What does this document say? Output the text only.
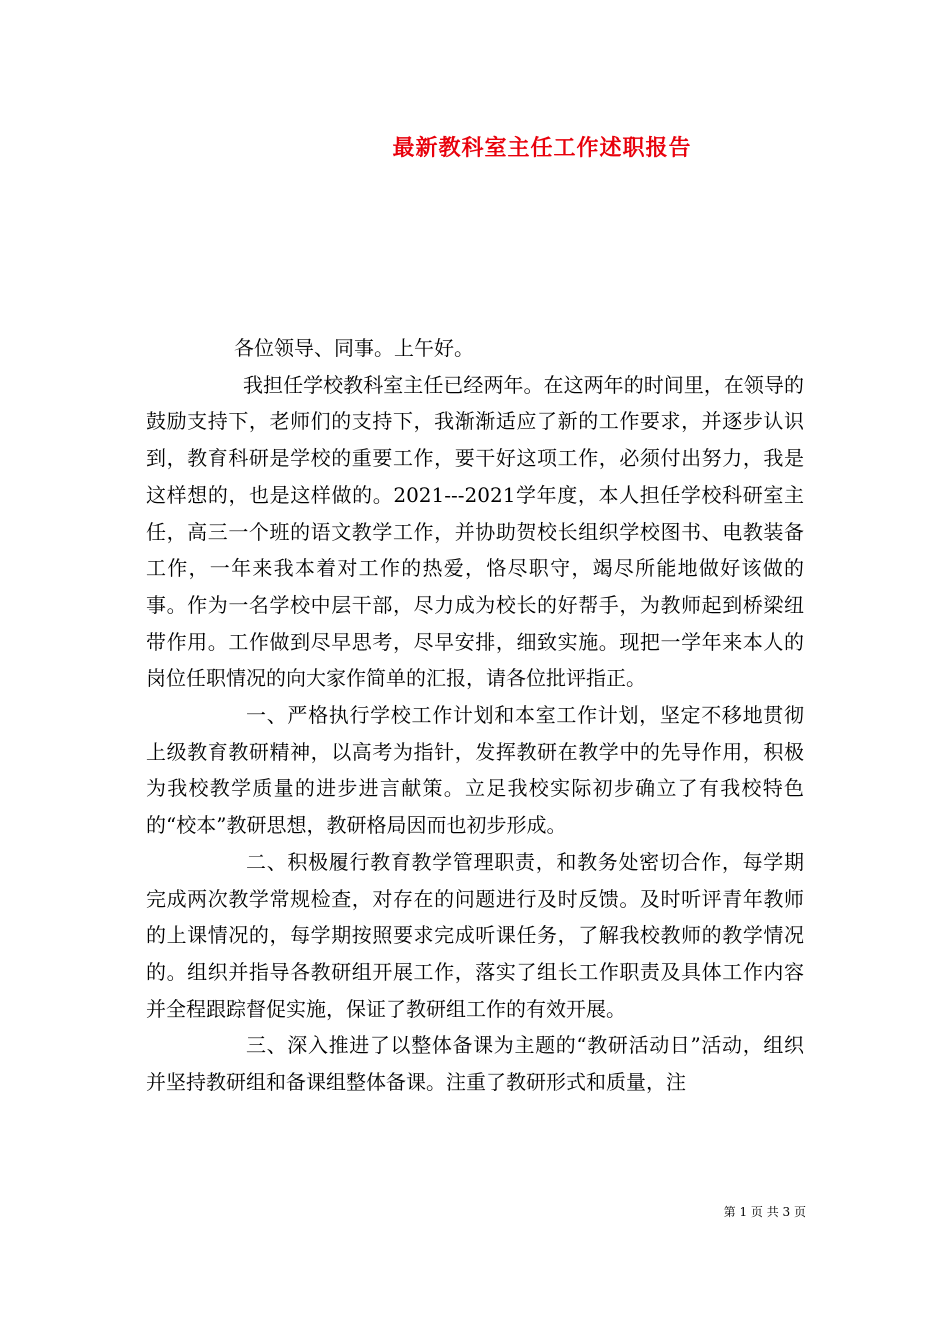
最新教科室主任工作述职报告

各位领导、同事。上午好。

我担任学校教科室主任已经两年。在这两年的时间里，在领导的鼓励支持下，老师们的支持下，我渐渐适应了新的工作要求，并逐步认识到，教育科研是学校的重要工作，要干好这项工作，必须付出努力，我是这样想的，也是这样做的。2021---2021学年度，本人担任学校科研室主任，高三一个班的语文教学工作，并协助贺校长组织学校图书、电教装备工作，一年来我本着对工作的热爱，恪尽职守，竭尽所能地做好该做的事。作为一名学校中层干部，尽力成为校长的好帮手，为教师起到桥梁纽带作用。工作做到尽早思考，尽早安排，细致实施。现把一学年来本人的岗位任职情况的向大家作简单的汇报，请各位批评指正。

一、严格执行学校工作计划和本室工作计划，坚定不移地贯彻上级教育教研精神，以高考为指针，发挥教研在教学中的先导作用，积极为我校教学质量的进步进言献策。立足我校实际初步确立了有我校特色的“校本”教研思想，教研格局因而也初步形成。

二、积极履行教育教学管理职责，和教务处密切合作，每学期完成两次教学常规检查，对存在的问题进行及时反馈。及时听评青年教师的上课情况的，每学期按照要求完成听课任务，了解我校教师的教学情况的。组织并指导各教研组开展工作，落实了组长工作职责及具体工作内容并全程跟踪督促实施，保证了教研组工作的有效开展。

三、深入推进了以整体备课为主题的“教研活动日”活动，组织并坚持教研组和备课组整体备课。注重了教研形式和质量，注

第 1 页 共 3 页
